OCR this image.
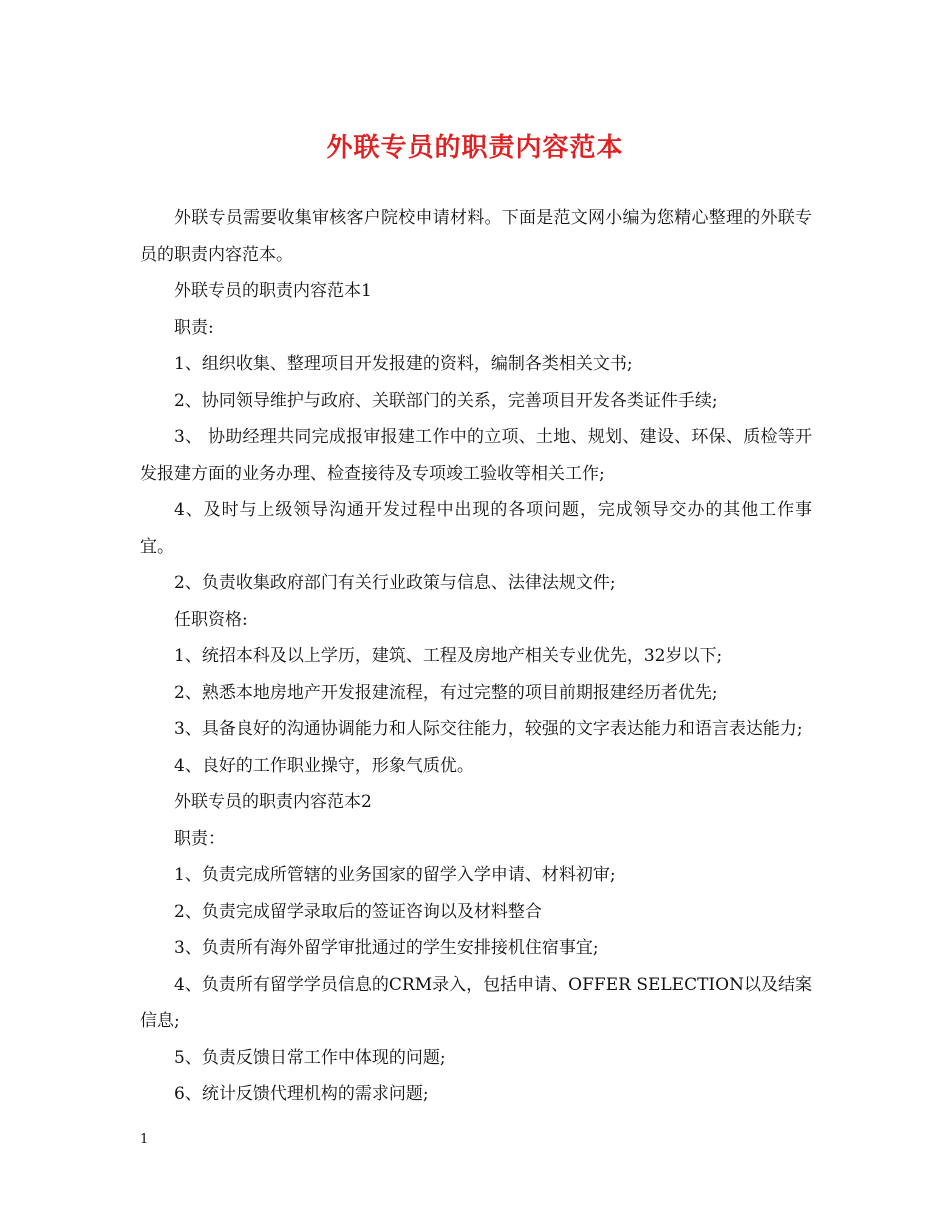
外联专员的职责内容范本

外联专员需要收集审核客户院校申请材料。下面是范文网小编为您精心整理的外联专员的职责内容范本。

外联专员的职责内容范本1

职责:

1、组织收集、整理项目开发报建的资料，编制各类相关文书;

2、协同领导维护与政府、关联部门的关系，完善项目开发各类证件手续;

3、 协助经理共同完成报审报建工作中的立项、土地、规划、建设、环保、质检等开发报建方面的业务办理、检查接待及专项竣工验收等相关工作;

4、及时与上级领导沟通开发过程中出现的各项问题，完成领导交办的其他工作事宜。

2、负责收集政府部门有关行业政策与信息、法律法规文件;

任职资格:

1、统招本科及以上学历，建筑、工程及房地产相关专业优先，32岁以下;

2、熟悉本地房地产开发报建流程，有过完整的项目前期报建经历者优先;

3、具备良好的沟通协调能力和人际交往能力，较强的文字表达能力和语言表达能力;

4、良好的工作职业操守，形象气质优。

外联专员的职责内容范本2

职责：

1、负责完成所管辖的业务国家的留学入学申请、材料初审;

2、负责完成留学录取后的签证咨询以及材料整合

3、负责所有海外留学审批通过的学生安排接机住宿事宜;

4、负责所有留学学员信息的CRM录入，包括申请、OFFER SELECTION以及结案信息;

5、负责反馈日常工作中体现的问题;

6、统计反馈代理机构的需求问题;

1
